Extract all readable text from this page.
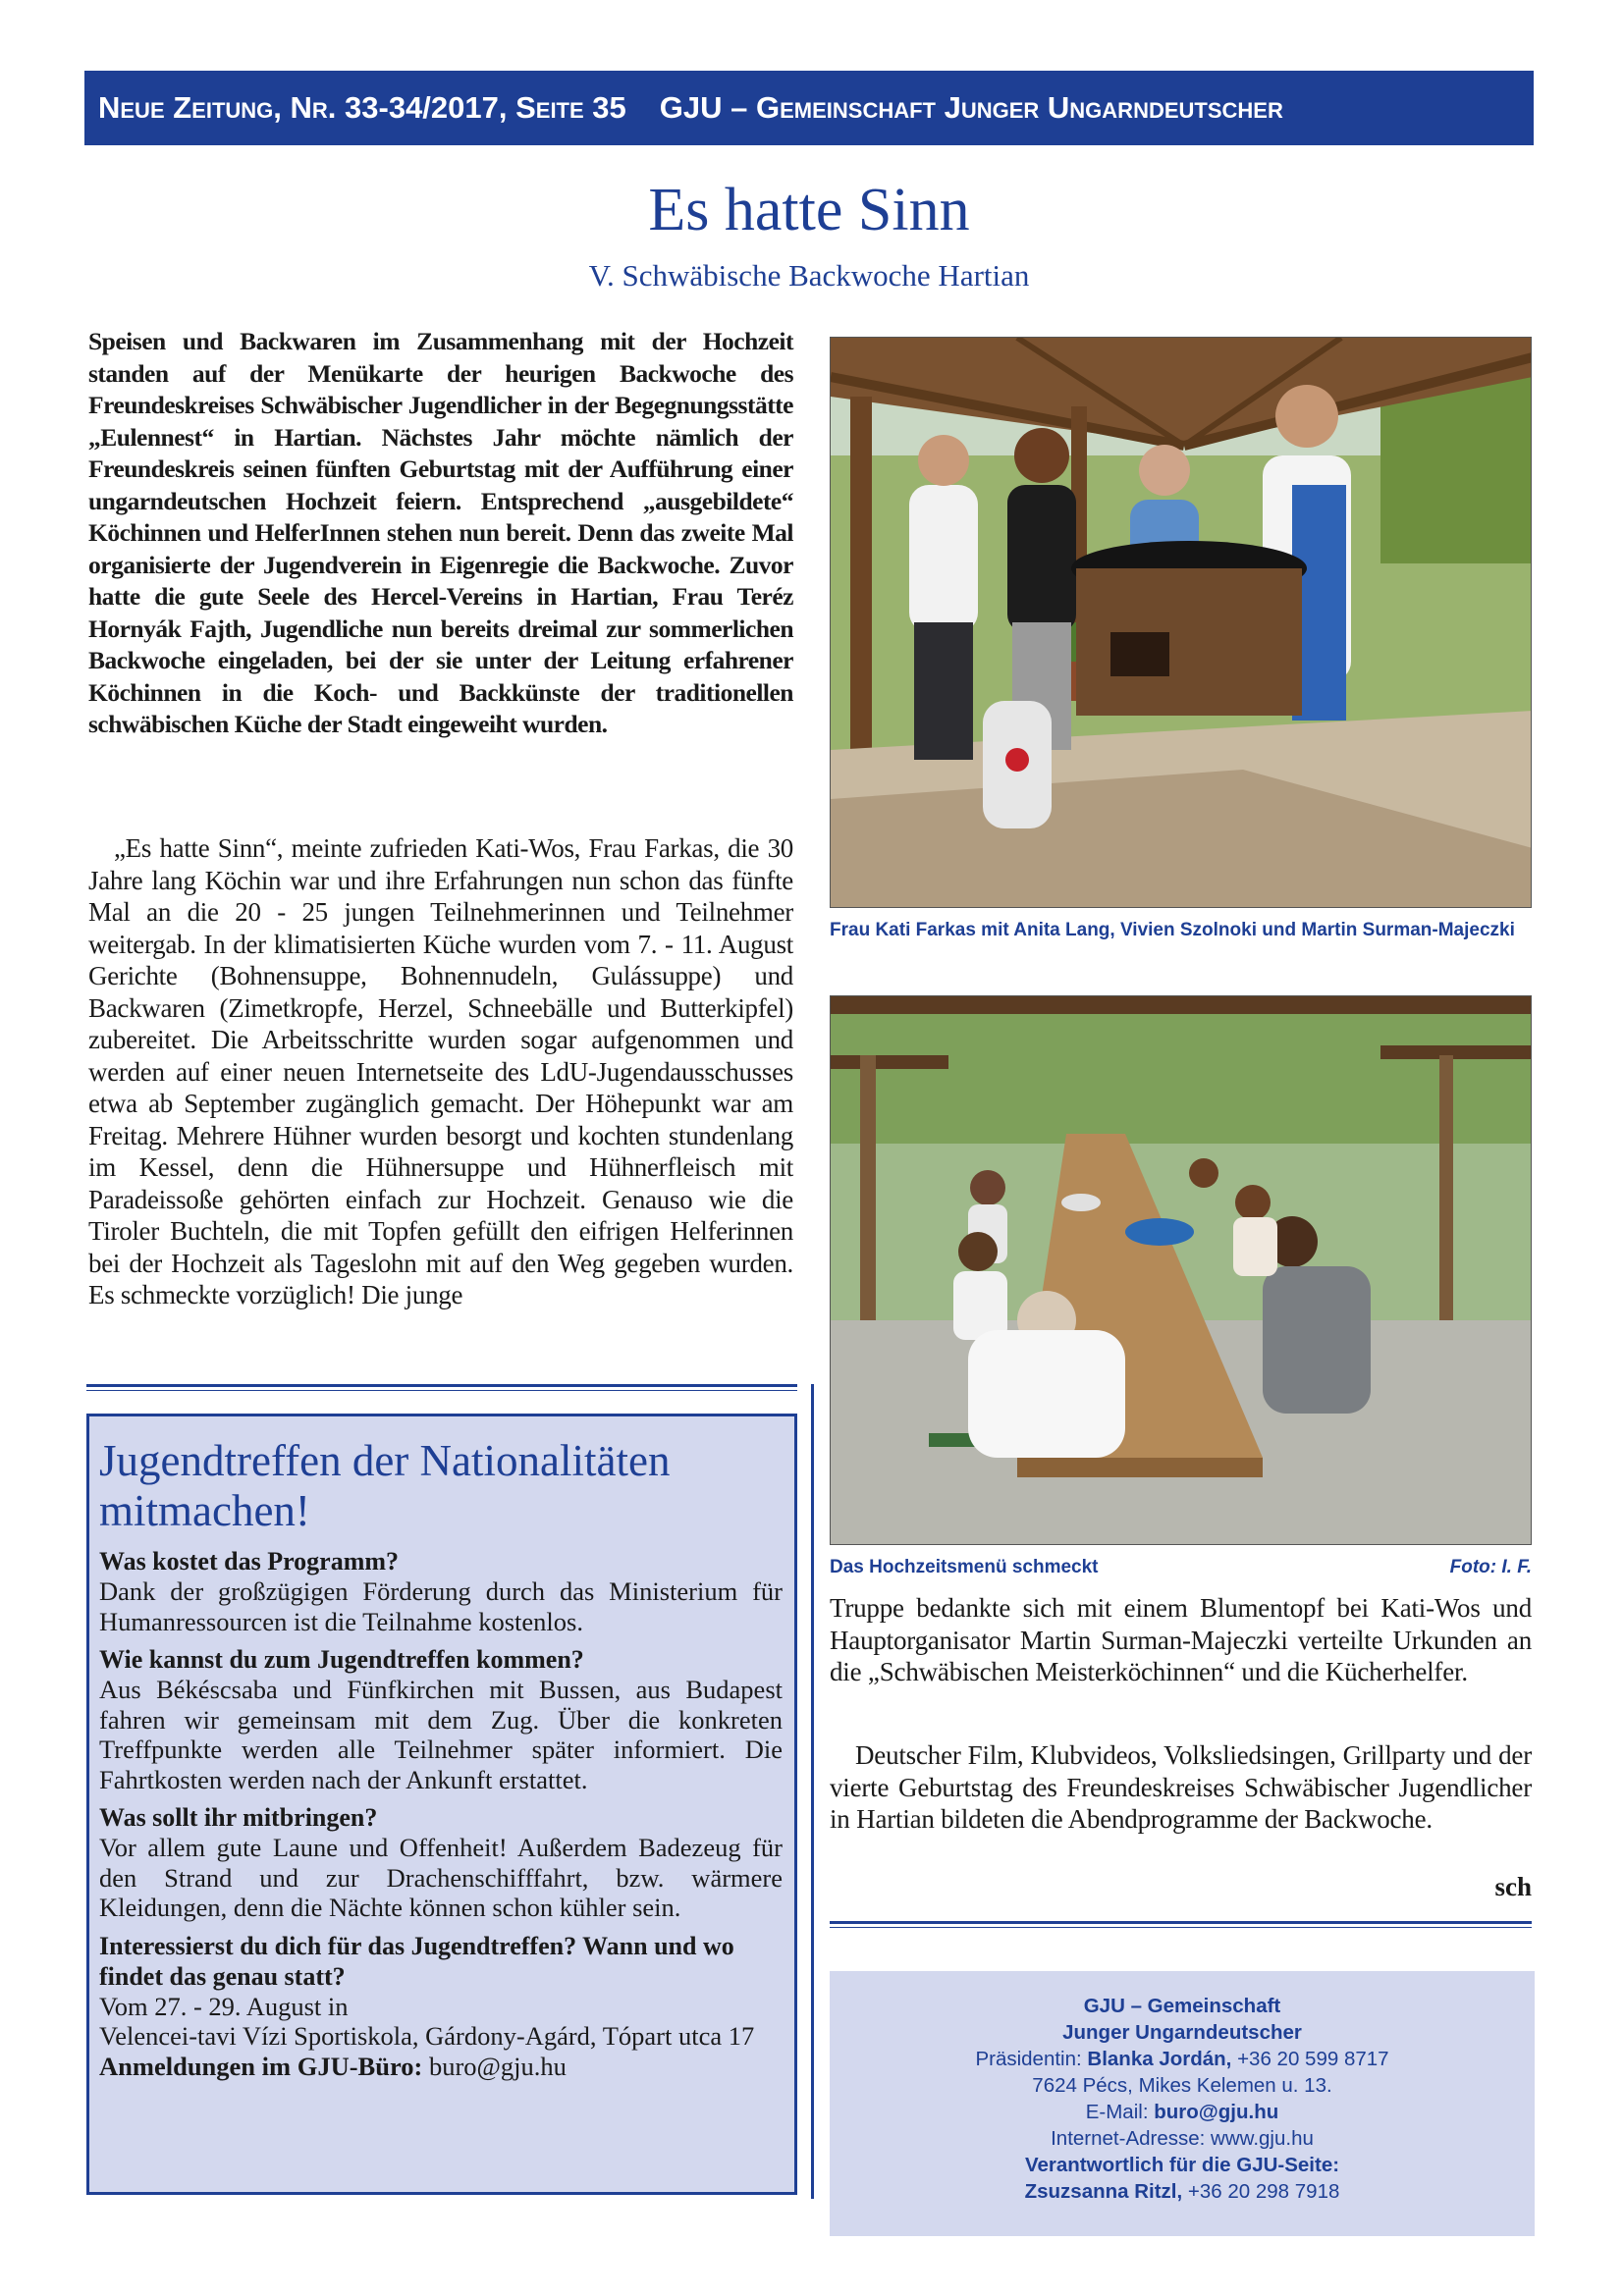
Neue Zeitung, Nr. 33-34/2017, Seite 35 GJU – Gemeinschaft Junger Ungarndeutscher
Es hatte Sinn
V. Schwäbische Backwoche Hartian
Speisen und Backwaren im Zusammenhang mit der Hochzeit standen auf der Menükarte der heurigen Backwoche des Freundeskreises Schwäbischer Jugendlicher in der Begegnungsstätte „Eulennest“ in Hartian. Nächstes Jahr möchte nämlich der Freundeskreis seinen fünften Geburtstag mit der Aufführung einer ungarndeutschen Hochzeit feiern. Entsprechend „ausgebildete“ Köchinnen und HelferInnen stehen nun bereit. Denn das zweite Mal organisierte der Jugendverein in Eigenregie die Backwoche. Zuvor hatte die gute Seele des Hercel-Vereins in Hartian, Frau Teréz Hornyák Fajth, Jugendliche nun bereits dreimal zur sommerlichen Backwoche eingeladen, bei der sie unter der Leitung erfahrener Köchinnen in die Koch- und Backkünste der traditionellen schwäbischen Küche der Stadt eingeweiht wurden.
„Es hatte Sinn“, meinte zufrieden Kati-Wos, Frau Farkas, die 30 Jahre lang Köchin war und ihre Erfahrungen nun schon das fünfte Mal an die 20 - 25 jungen Teilnehmerinnen und Teilnehmer weitergab. In der klimatisierten Küche wurden vom 7. - 11. August Gerichte (Bohnensuppe, Bohnennudeln, Gulássuppe) und Backwaren (Zimetkropfe, Herzel, Schneebälle und Butterkipfel) zubereitet. Die Arbeitsschritte wurden sogar aufgenommen und werden auf einer neuen Internetseite des LdU-Jugendausschusses etwa ab September zugänglich gemacht. Der Höhepunkt war am Freitag. Mehrere Hühner wurden besorgt und kochten stundenlang im Kessel, denn die Hühnersuppe und Hühnerfleisch mit Paradeissoße gehörten einfach zur Hochzeit. Genauso wie die Tiroler Buchteln, die mit Topfen gefüllt den eifrigen Helferinnen bei der Hochzeit als Tageslohn mit auf den Weg gegeben wurden. Es schmeckte vorzüglich! Die junge
Jugendtreffen der Nationalitäten mitmachen!
Was kostet das Programm?
Dank der großzügigen Förderung durch das Ministerium für Humanressourcen ist die Teilnahme kostenlos.
Wie kannst du zum Jugendtreffen kommen?
Aus Békéscsaba und Fünfkirchen mit Bussen, aus Budapest fahren wir gemeinsam mit dem Zug. Über die konkreten Treffpunkte werden alle Teilnehmer später informiert. Die Fahrtkosten werden nach der Ankunft erstattet.
Was sollt ihr mitbringen?
Vor allem gute Laune und Offenheit! Außerdem Badezeug für den Strand und zur Drachenschifffahrt, bzw. wärmere Kleidungen, denn die Nächte können schon kühler sein.
Interessierst du dich für das Jugendtreffen? Wann und wo findet das genau statt?
Vom 27. - 29. August in
Velencei-tavi Vízi Sportiskola, Gárdony-Agárd, Tópart utca 17
Anmeldungen im GJU-Büro: buro@gju.hu
Frau Kati Farkas mit Anita Lang, Vivien Szolnoki und Martin Surman-Majeczki
Das Hochzeitsmenü schmeckt	Foto: I. F.
Truppe bedankte sich mit einem Blumentopf bei Kati-Wos und Hauptorganisator Martin Surman-Majeczki verteilte Urkunden an die „Schwäbischen Meisterköchinnen“ und die Kücherhelfer.
Deutscher Film, Klubvideos, Volksliedsingen, Grillparty und der vierte Geburtstag des Freundeskreises Schwäbischer Jugendlicher in Hartian bildeten die Abendprogramme der Backwoche.
sch
GJU – Gemeinschaft
Junger Ungarndeutscher
Präsidentin: Blanka Jordán, +36 20 599 8717
7624 Pécs, Mikes Kelemen u. 13.
E-Mail: buro@gju.hu
Internet-Adresse: www.gju.hu
Verantwortlich für die GJU-Seite:
Zsuzsanna Ritzl, +36 20 298 7918
